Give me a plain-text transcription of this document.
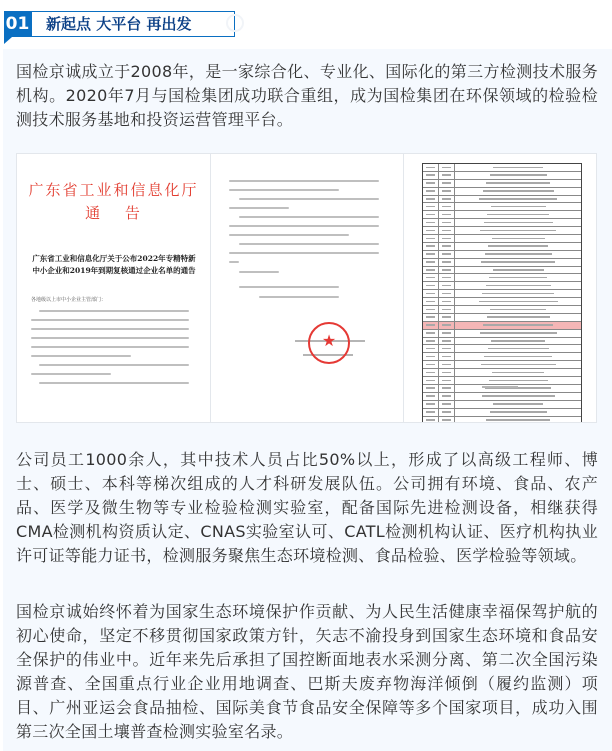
01	新起点 大平台 再出发

国检京诚成立于2008年，是一家综合化、专业化、国际化的第三方检测技术服务机构。2020年7月与国检集团成功联合重组，成为国检集团在环保领域的检验检测技术服务基地和投资运营管理平台。

广东省工业和信息化厅
通 告
广东省工业和信息化厅关于公布2022年专精特新中小企业和2019年到期复核通过企业名单的通告
各地级以上市中小企业主管部门：
★

公司员工1000余人，其中技术人员占比50%以上，形成了以高级工程师、博士、硕士、本科等梯次组成的人才科研发展队伍。公司拥有环境、食品、农产品、医学及微生物等专业检验检测实验室，配备国际先进检测设备，相继获得CMA检测机构资质认定、CNAS实验室认可、CATL检测机构认证、医疗机构执业许可证等能力证书，检测服务聚焦生态环境检测、食品检验、医学检验等领域。

国检京诚始终怀着为国家生态环境保护作贡献、为人民生活健康幸福保驾护航的初心使命，坚定不移贯彻国家政策方针，矢志不渝投身到国家生态环境和食品安全保护的伟业中。近年来先后承担了国控断面地表水采测分离、第二次全国污染源普查、全国重点行业企业用地调查、巴斯夫废弃物海洋倾倒（履约监测）项目、广州亚运会食品抽检、国际美食节食品安全保障等多个国家项目，成功入围第三次全国土壤普查检测实验室名录。
